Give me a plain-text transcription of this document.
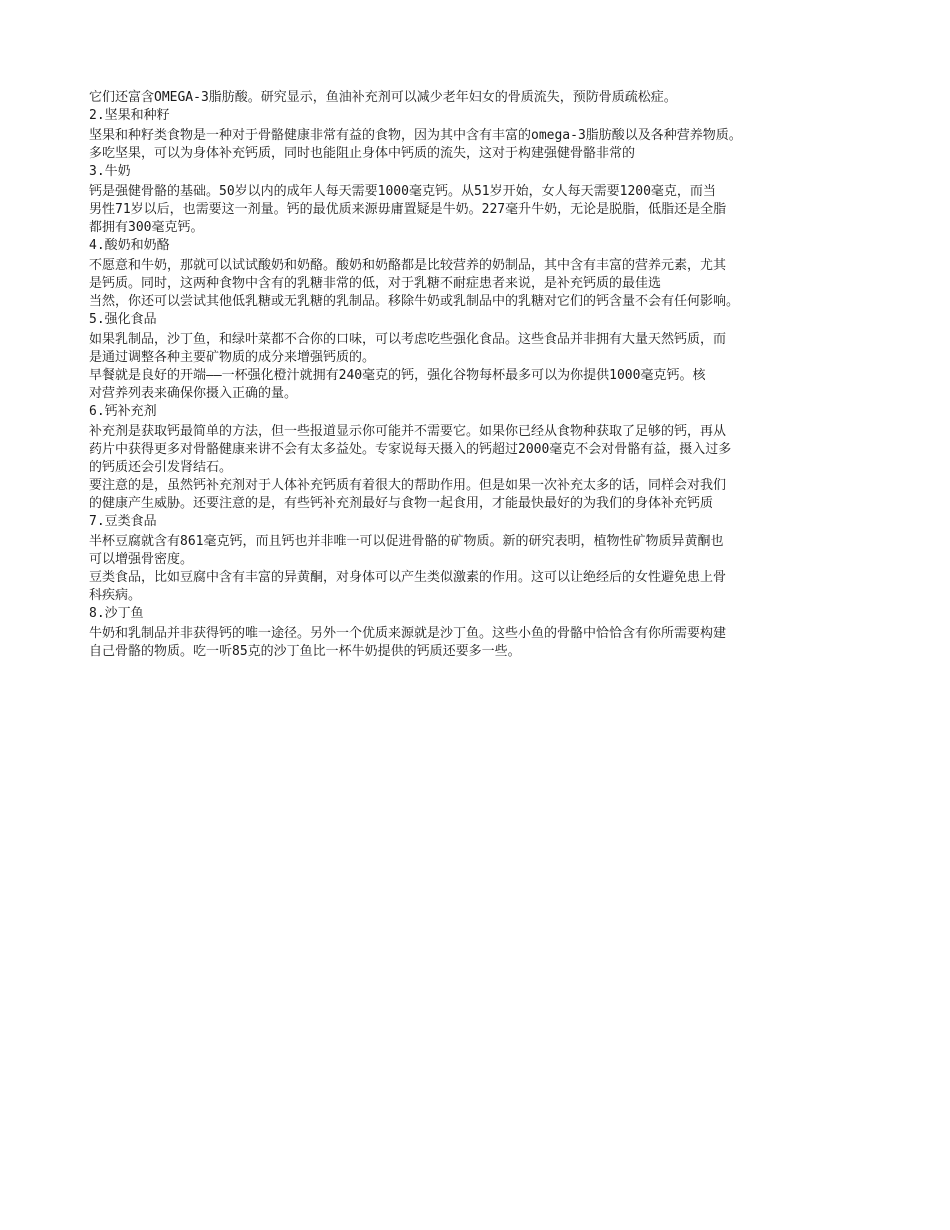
它们还富含OMEGA-3脂肪酸。研究显示，鱼油补充剂可以减少老年妇女的骨质流失，预防骨质疏松症。
2.坚果和种籽
坚果和种籽类食物是一种对于骨骼健康非常有益的食物，因为其中含有丰富的omega-3脂肪酸以及各种营养物质。
多吃坚果，可以为身体补充钙质，同时也能阻止身体中钙质的流失，这对于构建强健骨骼非常的
3.牛奶
钙是强健骨骼的基础。50岁以内的成年人每天需要1000毫克钙。从51岁开始，女人每天需要1200毫克，而当
男性71岁以后，也需要这一剂量。钙的最优质来源毋庸置疑是牛奶。227毫升牛奶，无论是脱脂，低脂还是全脂
都拥有300毫克钙。
4.酸奶和奶酪
不愿意和牛奶，那就可以试试酸奶和奶酪。酸奶和奶酪都是比较营养的奶制品，其中含有丰富的营养元素，尤其
是钙质。同时，这两种食物中含有的乳糖非常的低，对于乳糖不耐症患者来说，是补充钙质的最佳选
当然，你还可以尝试其他低乳糖或无乳糖的乳制品。移除牛奶或乳制品中的乳糖对它们的钙含量不会有任何影响。
5.强化食品
如果乳制品，沙丁鱼，和绿叶菜都不合你的口味，可以考虑吃些强化食品。这些食品并非拥有大量天然钙质，而
是通过调整各种主要矿物质的成分来增强钙质的。
早餐就是良好的开端——一杯强化橙汁就拥有240毫克的钙，强化谷物每杯最多可以为你提供1000毫克钙。核
对营养列表来确保你摄入正确的量。
6.钙补充剂
补充剂是获取钙最简单的方法，但一些报道显示你可能并不需要它。如果你已经从食物种获取了足够的钙，再从
药片中获得更多对骨骼健康来讲不会有太多益处。专家说每天摄入的钙超过2000毫克不会对骨骼有益，摄入过多
的钙质还会引发肾结石。
要注意的是，虽然钙补充剂对于人体补充钙质有着很大的帮助作用。但是如果一次补充太多的话，同样会对我们
的健康产生威胁。还要注意的是，有些钙补充剂最好与食物一起食用，才能最快最好的为我们的身体补充钙质
7.豆类食品
半杯豆腐就含有861毫克钙，而且钙也并非唯一可以促进骨骼的矿物质。新的研究表明，植物性矿物质异黄酮也
可以增强骨密度。
豆类食品，比如豆腐中含有丰富的异黄酮，对身体可以产生类似激素的作用。这可以让绝经后的女性避免患上骨
科疾病。
8.沙丁鱼
牛奶和乳制品并非获得钙的唯一途径。另外一个优质来源就是沙丁鱼。这些小鱼的骨骼中恰恰含有你所需要构建
自己骨骼的物质。吃一听85克的沙丁鱼比一杯牛奶提供的钙质还要多一些。
